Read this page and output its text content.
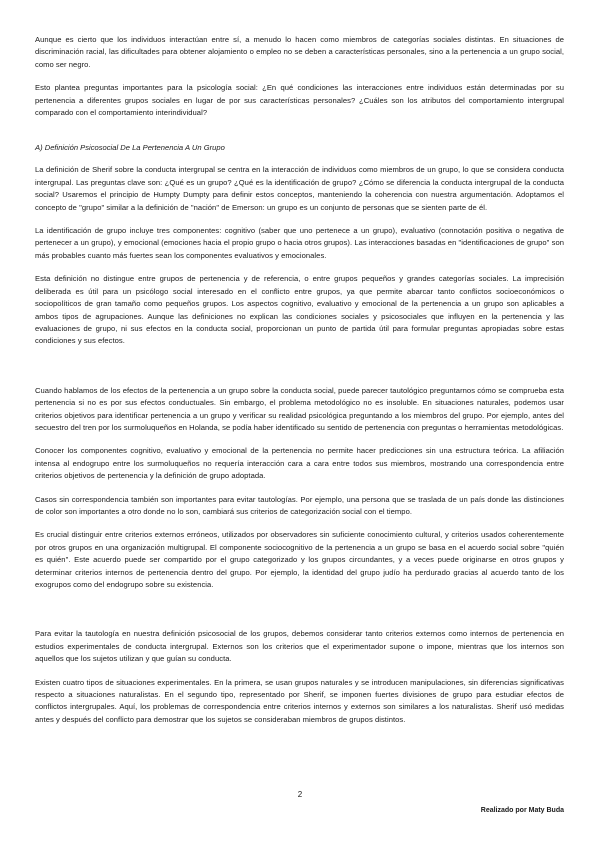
Aunque es cierto que los individuos interactúan entre sí, a menudo lo hacen como miembros de categorías sociales distintas. En situaciones de discriminación racial, las dificultades para obtener alojamiento o empleo no se deben a características personales, sino a la pertenencia a un grupo social, como ser negro.

Esto plantea preguntas importantes para la psicología social: ¿En qué condiciones las interacciones entre individuos están determinadas por su pertenencia a diferentes grupos sociales en lugar de por sus características personales? ¿Cuáles son los atributos del comportamiento intergrupal comparado con el comportamiento interindividual?

A) Definición Psicosocial De La Pertenencia A Un Grupo

La definición de Sherif sobre la conducta intergrupal se centra en la interacción de individuos como miembros de un grupo, lo que se considera conducta intergrupal. Las preguntas clave son: ¿Qué es un grupo? ¿Qué es la identificación de grupo? ¿Cómo se diferencia la conducta intergrupal de la conducta social? Usaremos el principio de Humpty Dumpty para definir estos conceptos, manteniendo la coherencia con nuestra argumentación. Adoptamos el concepto de "grupo" similar a la definición de "nación" de Emerson: un grupo es un conjunto de personas que se sienten parte de él.

La identificación de grupo incluye tres componentes: cognitivo (saber que uno pertenece a un grupo), evaluativo (connotación positiva o negativa de pertenecer a un grupo), y emocional (emociones hacia el propio grupo o hacia otros grupos). Las interacciones basadas en "identificaciones de grupo" son más probables cuanto más fuertes sean los componentes evaluativos y emocionales.

Esta definición no distingue entre grupos de pertenencia y de referencia, o entre grupos pequeños y grandes categorías sociales. La imprecisión deliberada es útil para un psicólogo social interesado en el conflicto entre grupos, ya que permite abarcar tanto conflictos socioeconómicos o sociopolíticos de gran tamaño como pequeños grupos. Los aspectos cognitivo, evaluativo y emocional de la pertenencia a un grupo son aplicables a ambos tipos de agrupaciones. Aunque las definiciones no explican las condiciones sociales y psicosociales que influyen en la pertenencia y las evaluaciones de grupo, ni sus efectos en la conducta social, proporcionan un punto de partida útil para formular preguntas apropiadas sobre estas condiciones y sus efectos.

Cuando hablamos de los efectos de la pertenencia a un grupo sobre la conducta social, puede parecer tautológico preguntarnos cómo se comprueba esta pertenencia si no es por sus efectos conductuales. Sin embargo, el problema metodológico no es insoluble. En situaciones naturales, podemos usar criterios objetivos para identificar pertenencia a un grupo y verificar su realidad psicológica preguntando a los miembros del grupo. Por ejemplo, antes del secuestro del tren por los surmoluqueños en Holanda, se podía haber identificado su sentido de pertenencia con preguntas o herramientas metodológicas.

Conocer los componentes cognitivo, evaluativo y emocional de la pertenencia no permite hacer predicciones sin una estructura teórica. La afiliación intensa al endogrupo entre los surmoluqueños no requería interacción cara a cara entre todos sus miembros, mostrando una correspondencia entre criterios objetivos de pertenencia y la definición de grupo adoptada.

Casos sin correspondencia también son importantes para evitar tautologías. Por ejemplo, una persona que se traslada de un país donde las distinciones de color son importantes a otro donde no lo son, cambiará sus criterios de categorización social con el tiempo.

Es crucial distinguir entre criterios externos erróneos, utilizados por observadores sin suficiente conocimiento cultural, y criterios usados coherentemente por otros grupos en una organización multigrupal. El componente sociocognitivo de la pertenencia a un grupo se basa en el acuerdo social sobre "quién es quién". Este acuerdo puede ser compartido por el grupo categorizado y los grupos circundantes, y a veces puede originarse en otros grupos y determinar criterios internos de pertenencia dentro del grupo. Por ejemplo, la identidad del grupo judío ha perdurado gracias al acuerdo tanto de los exogrupos como del endogrupo sobre su existencia.

Para evitar la tautología en nuestra definición psicosocial de los grupos, debemos considerar tanto criterios externos como internos de pertenencia en estudios experimentales de conducta intergrupal. Externos son los criterios que el experimentador supone o impone, mientras que los internos son aquellos que los sujetos utilizan y que guían su conducta.

Existen cuatro tipos de situaciones experimentales. En la primera, se usan grupos naturales y se introducen manipulaciones, sin diferencias significativas respecto a situaciones naturalistas. En el segundo tipo, representado por Sherif, se imponen fuertes divisiones de grupo para estudiar efectos de conflictos intergrupales. Aquí, los problemas de correspondencia entre criterios internos y externos son similares a los naturalistas. Sherif usó medidas antes y después del conflicto para demostrar que los sujetos se consideraban miembros de grupos distintos.

2
Realizado por Maty Buda
